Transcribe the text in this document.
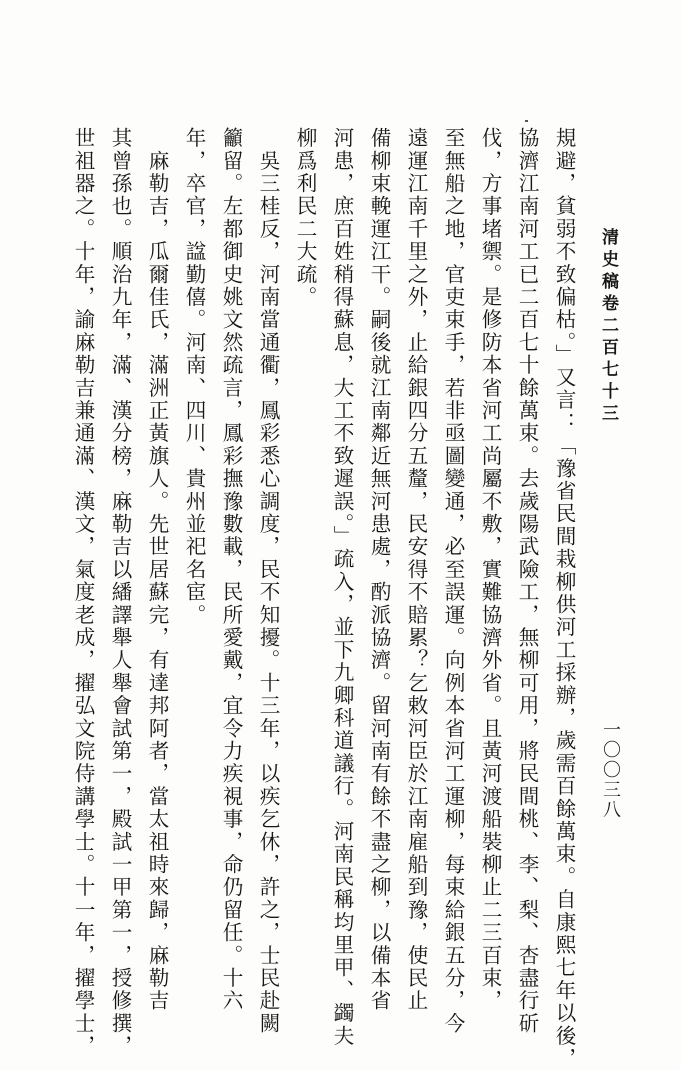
清史稿卷二百七十三
一〇〇三八
規避，貧弱不致偏枯。」又言：「豫省民間栽柳供河工採辦，歲需百餘萬束。自康熙七年以後，
協濟江南河工已二百七十餘萬束。去歲陽武險工，無柳可用，將民間桃、李、梨、杏盡行斫
伐，方事堵禦。是修防本省河工尚屬不敷，實難協濟外省。且黃河渡船裝柳止二三百束，
至無船之地，官吏束手，若非亟圖變通，必至誤運。向例本省河工運柳，每束給銀五分，今
遠運江南千里之外，止給銀四分五釐，民安得不賠累？乞敕河臣於江南雇船到豫，使民止
備柳束輓運江干。嗣後就江南鄰近無河患處，酌派協濟。留河南有餘不盡之柳，以備本省
河患，庶百姓稍得蘇息，大工不致遲誤。」疏入，並下九卿科道議行。河南民稱均里甲、蠲夫
柳爲利民二大疏。
　吳三桂反，河南當通衢，鳳彩悉心調度，民不知擾。十三年，以疾乞休，許之，士民赴闕
籲留。左都御史姚文然疏言，鳳彩撫豫數載，民所愛戴，宜令力疾視事，命仍留任。十六
年，卒官，諡勤僖。河南、四川、貴州並祀名宦。
　麻勒吉，瓜爾佳氏，滿洲正黃旗人。先世居蘇完，有達邦阿者，當太祖時來歸，麻勒吉
其曾孫也。順治九年，滿、漢分榜，麻勒吉以繙譯舉人舉會試第一，殿試一甲第一，授修撰，
世祖器之。十年，諭麻勒吉兼通滿、漢文，氣度老成，擢弘文院侍講學士。十一年，擢學士，
